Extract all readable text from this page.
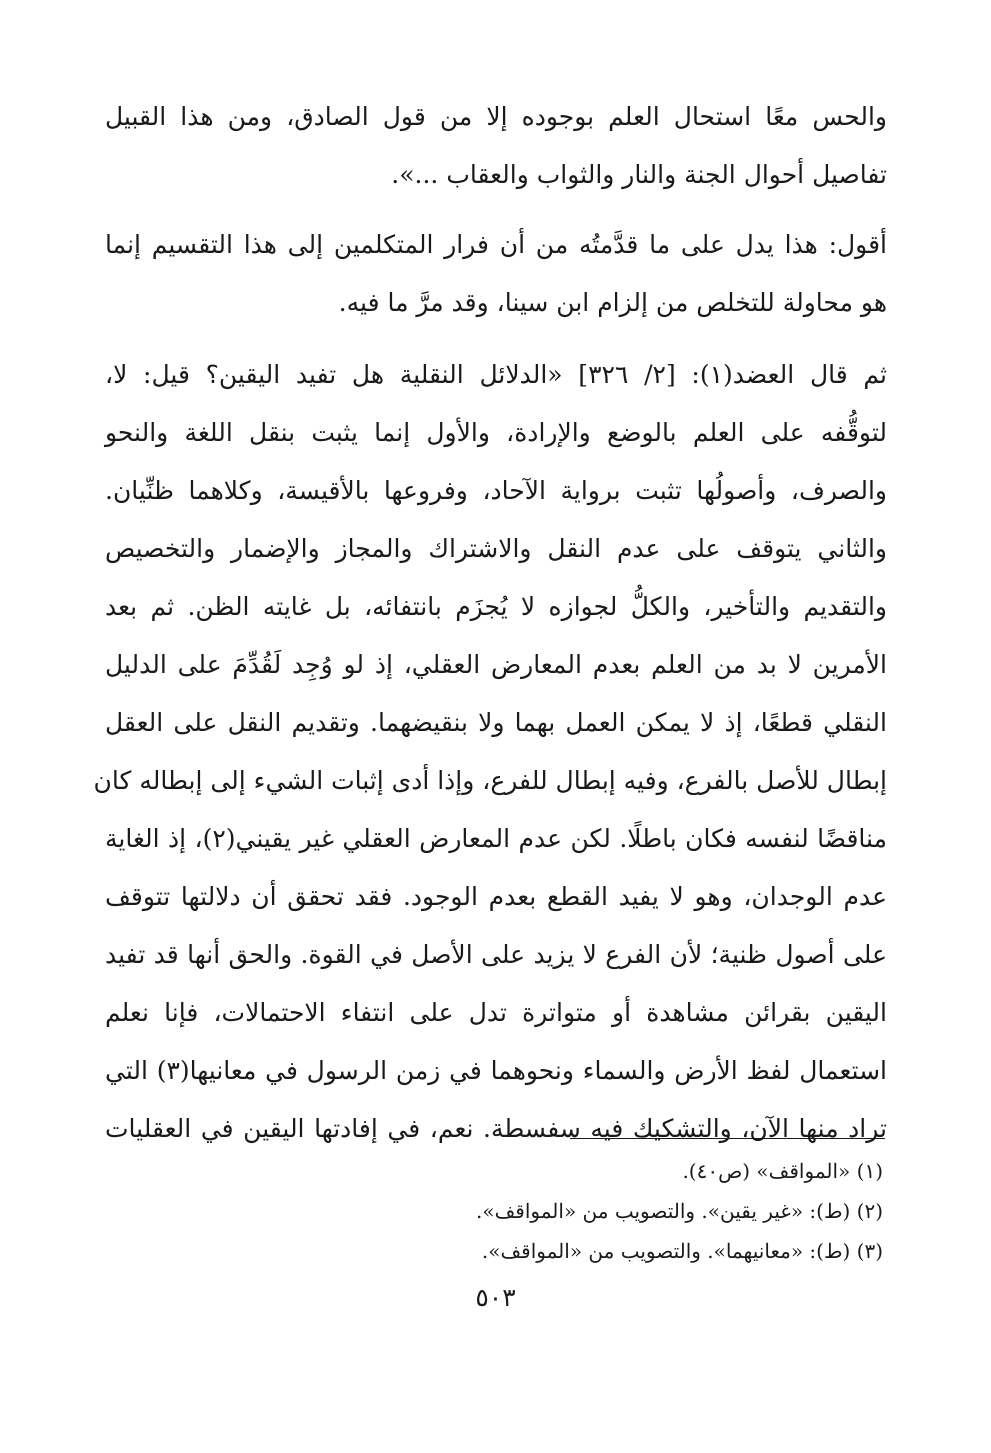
والحس معًا استحال العلم بوجوده إلا من قول الصادق، ومن هذا القبيل
تفاصيل أحوال الجنة والنار والثواب والعقاب ...».

أقول: هذا يدل على ما قدَّمتُه من أن فرار المتكلمين إلى هذا التقسيم إنما
هو محاولة للتخلص من إلزام ابن سينا، وقد مرَّ ما فيه.

ثم قال العضد(١): [٢/ ٣٢٦] «الدلائل النقلية هل تفيد اليقين؟ قيل: لا،
لتوقُّفه على العلم بالوضع والإرادة، والأول إنما يثبت بنقل اللغة والنحو
والصرف، وأصولُها تثبت برواية الآحاد، وفروعها بالأقيسة، وكلاهما ظنِّيان.
والثاني يتوقف على عدم النقل والاشتراك والمجاز والإضمار والتخصيص
والتقديم والتأخير، والكلُّ لجوازه لا يُجزَم بانتفائه، بل غايته الظن. ثم بعد
الأمرين لا بد من العلم بعدم المعارض العقلي، إذ لو وُجِد لَقُدِّمَ على الدليل
النقلي قطعًا، إذ لا يمكن العمل بهما ولا بنقيضهما. وتقديم النقل على العقل
إبطال للأصل بالفرع، وفيه إبطال للفرع، وإذا أدى إثبات الشيء إلى إبطاله كان
مناقضًا لنفسه فكان باطلًا. لكن عدم المعارض العقلي غير يقيني(٢)، إذ الغاية
عدم الوجدان، وهو لا يفيد القطع بعدم الوجود. فقد تحقق أن دلالتها تتوقف
على أصول ظنية؛ لأن الفرع لا يزيد على الأصل في القوة. والحق أنها قد تفيد
اليقين بقرائن مشاهدة أو متواترة تدل على انتفاء الاحتمالات، فإنا نعلم
استعمال لفظ الأرض والسماء ونحوهما في زمن الرسول في معانيها(٣) التي
تراد منها الآن، والتشكيك فيه سفسطة. نعم، في إفادتها اليقين في العقليات

(١) «المواقف» (ص٤٠).
(٢) (ط): «غير يقين». والتصويب من «المواقف».
(٣) (ط): «معانيهما». والتصويب من «المواقف».
٥٠٣
